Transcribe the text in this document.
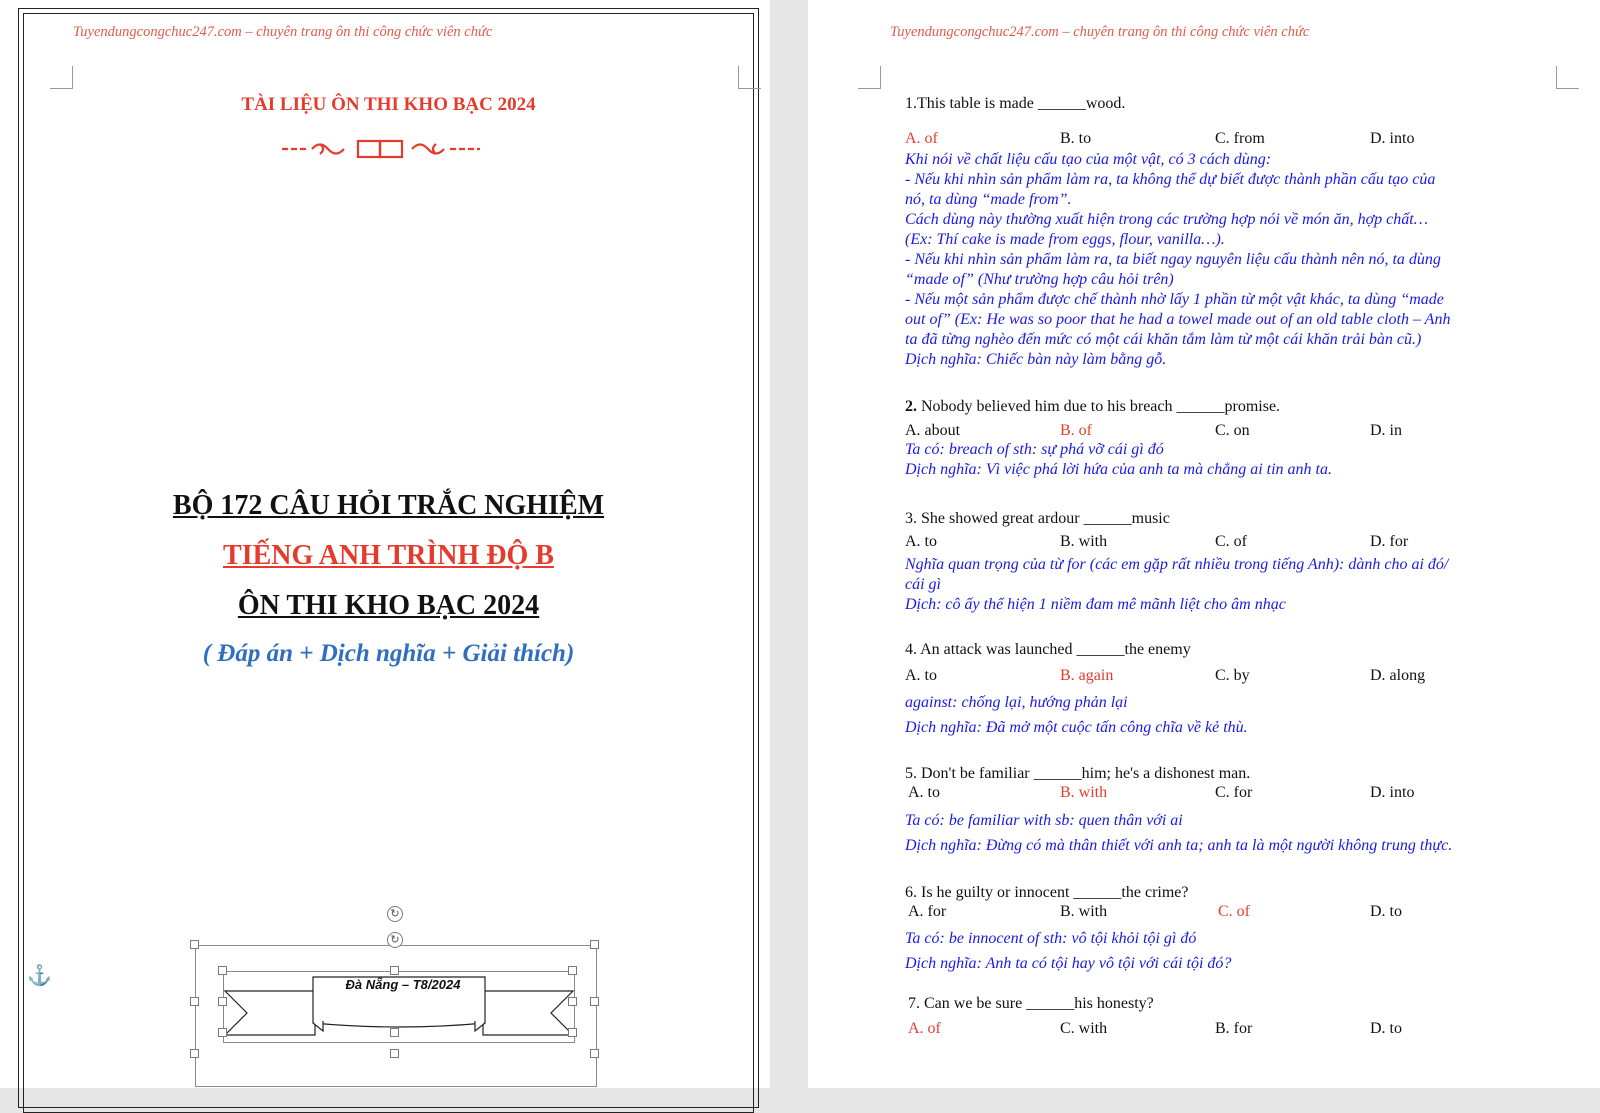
Tuyendungcongchuc247.com – chuyên trang ôn thi công chức viên chức
TÀI LIỆU ÔN THI KHO BẠC 2024
BỘ 172 CÂU HỎI TRẮC NGHIỆM
TIẾNG ANH TRÌNH ĐỘ B
ÔN THI KHO BẠC 2024
( Đáp án + Dịch nghĩa + Giải thích)
⚓	Đà Nẵng – T8/2024
↻
↻
Tuyendungcongchuc247.com – chuyên trang ôn thi công chức viên chức
1.This table is made ______wood.
A. of	B. to	C. from	D. into
Khi nói về chất liệu cấu tạo của một vật, có 3 cách dùng:
- Nếu khi nhìn sản phẩm làm ra, ta không thể dự biết được thành phần cấu tạo của
nó, ta dùng “made from”.
Cách dùng này thường xuất hiện trong các trường hợp nói về món ăn, hợp chất…
(Ex: Thí cake is made from eggs, flour, vanilla…).
- Nếu khi nhìn sản phẩm làm ra, ta biết ngay nguyên liệu cấu thành nên nó, ta dùng
“made of” (Như trường hợp câu hỏi trên)
- Nếu một sản phẩm được chế thành nhờ lấy 1 phần từ một vật khác, ta dùng “made
out of” (Ex: He was so poor that he had a towel made out of an old table cloth – Anh
ta đã từng nghèo đến mức có một cái khăn tắm làm từ một cái khăn trải bàn cũ.)
Dịch nghĩa: Chiếc bàn này làm bằng gỗ.
2. Nobody believed him due to his breach ______promise.
A. about	B. of	C. on	D. in
Ta có: breach of sth: sự phá vỡ cái gì đó
Dịch nghĩa: Vì việc phá lời hứa của anh ta mà chẳng ai tin anh ta.
3. She showed great ardour ______music
A. to	B. with	C. of	D. for
Nghĩa quan trọng của từ for (các em gặp rất nhiều trong tiếng Anh): dành cho ai đó/
cái gì
Dịch: cô ấy thể hiện 1 niềm đam mê mãnh liệt cho âm nhạc
4. An attack was launched ______the enemy
A. to	B. again	C. by	D. along
against: chống lại, hướng phản lại
Dịch nghĩa: Đã mở một cuộc tấn công chĩa về kẻ thù.
5. Don't be familiar ______him; he's a dishonest man.
A. to	B. with	C. for	D. into
Ta có: be familiar with sb: quen thân với ai
Dịch nghĩa: Đừng có mà thân thiết với anh ta; anh ta là một người không trung thực.
6. Is he guilty or innocent ______the crime?
A. for	B. with	C. of	D. to
Ta có: be innocent of sth: vô tội khỏi tội gì đó
Dịch nghĩa: Anh ta có tội hay vô tội với cái tội đó?
7. Can we be sure ______his honesty?
A. of	C. with	B. for	D. to
